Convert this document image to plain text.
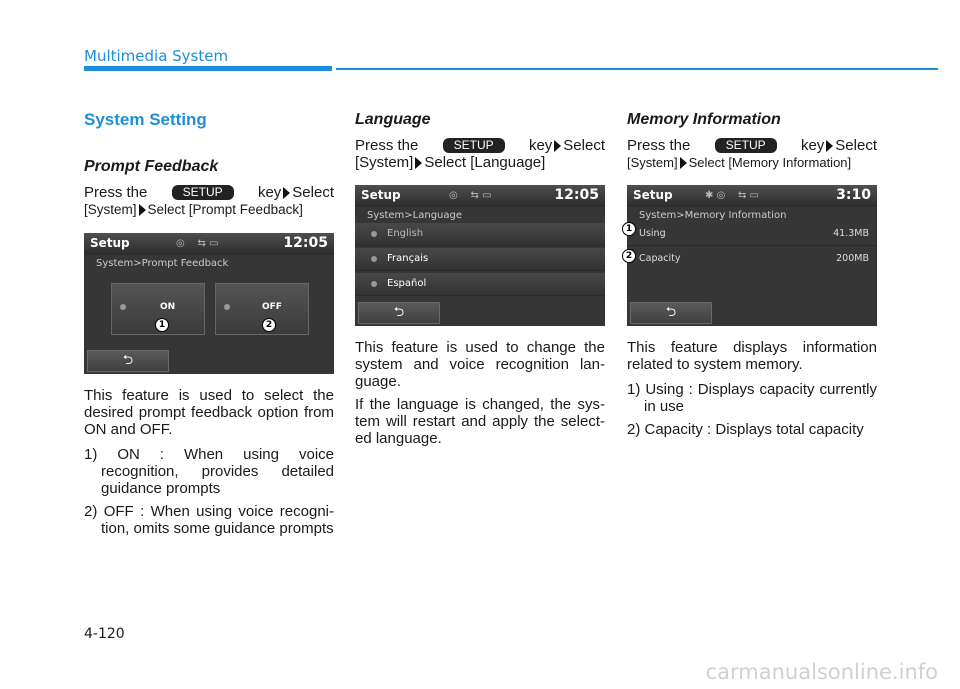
Multimedia System
System Setting
Prompt Feedback
Press the	SETUP	key Select
[System] Select [Prompt Feedback]
Setup	◎    ⇆ ▭	12:05
System>Prompt Feedback
ON	OFF
1	2
⮌
This feature is used to select the desired prompt feedback option from ON and OFF.
1) ON : When using voice recognition, provides detailed guidance prompts
2) OFF : When using voice recogni-tion, omits some guidance prompts
Language
Press the	SETUP	key Select
[System] Select [Language]
Setup	◎    ⇆ ▭	12:05
System>Language
English
Français
Español
⮌

This feature is used to change the system and voice recognition lan-guage.

If the language is changed, the sys-tem will restart and apply the select-ed language.

Memory Information
Press the	SETUP	key Select
[System] Select [Memory Information]
Setup	✱ ◎    ⇆ ▭	3:10
System>Memory Information
Using	41.3MB
Capacity	200MB
1
2
⮌
This feature displays information related to system memory.
1) Using : Displays capacity currently in use
2) Capacity : Displays total capacity
4-120
carmanualsonline.info
